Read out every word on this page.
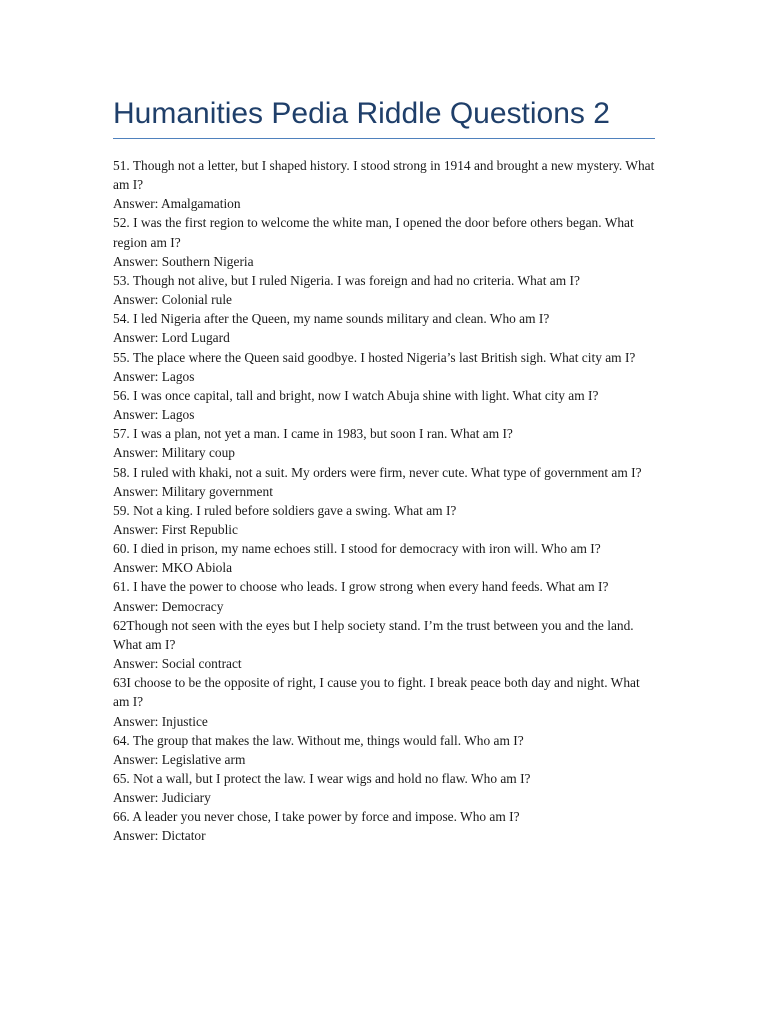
Humanities Pedia Riddle Questions 2

51. Though not a letter, but I shaped history. I stood strong in 1914 and brought a new mystery. What am I?

Answer: Amalgamation

52. I was the first region to welcome the white man, I opened the door before others began. What region am I?

Answer: Southern Nigeria

53. Though not alive, but I ruled Nigeria. I was foreign and had no criteria. What am I?

Answer: Colonial rule

54. I led Nigeria after the Queen, my name sounds military and clean. Who am I?

Answer: Lord Lugard

55. The place where the Queen said goodbye. I hosted Nigeria’s last British sigh. What city am I?

Answer: Lagos

56. I was once capital, tall and bright, now I watch Abuja shine with light. What city am I?

Answer: Lagos

57. I was a plan, not yet a man. I came in 1983, but soon I ran. What am I?

Answer: Military coup

58. I ruled with khaki, not a suit. My orders were firm, never cute. What type of government am I?

Answer: Military government

59. Not a king. I ruled before soldiers gave a swing. What am I?

Answer: First Republic

60. I died in prison, my name echoes still. I stood for democracy with iron will. Who am I?

Answer: MKO Abiola

61. I have the power to choose who leads. I grow strong when every hand feeds. What am I?

Answer: Democracy

62Though not seen with the eyes but I help society stand. I’m the trust between you and the land. What am I?

Answer: Social contract

63I choose to be the opposite of right, I cause you to fight. I break peace both day and night. What am I?

Answer: Injustice

64. The group that makes the law. Without me, things would fall. Who am I?

Answer: Legislative arm

65. Not a wall, but I protect the law. I wear wigs and hold no flaw. Who am I?

Answer: Judiciary

66. A leader you never chose, I take power by force and impose. Who am I?

Answer: Dictator
